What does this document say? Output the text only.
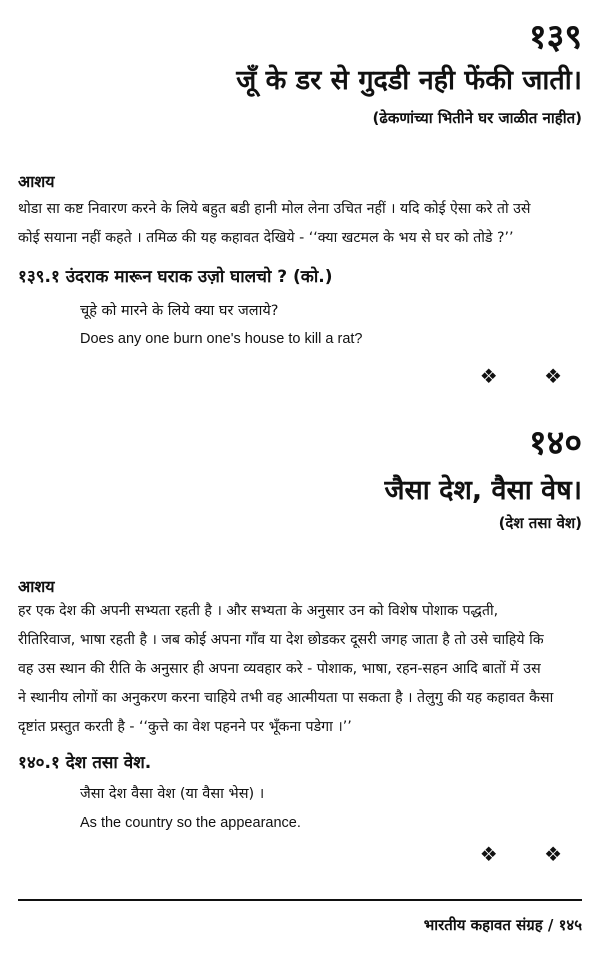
१३९
जूँ के डर से गुदडी नही फेंकी जाती।
(ढेकणांच्या भितीने घर जाळीत नाहीत)
आशय
थोडा सा कष्ट निवारण करने के लिये बहुत बडी हानी मोल लेना उचित नहीं । यदि कोई ऐसा करे तो उसे
कोई सयाना नहीं कहते । तमिळ की यह कहावत देखिये - ‘‘क्या खटमल के भय से घर को तोडे ?’’
१३९.१ उंदराक मारून घराक उज़ो घालचो ? (को.)
चूहे को मारने के लिये क्या घर जलाये?
Does any one burn one's house to kill a rat?
❖ ❖
१४०
जैसा देश, वैसा वेष।
(देश तसा वेश)
आशय
हर एक देश की अपनी सभ्यता रहती है । और सभ्यता के अनुसार उन को विशेष पोशाक पद्धती,
रीतिरिवाज, भाषा रहती है । जब कोई अपना गाँव या देश छोडकर दूसरी जगह जाता है तो उसे चाहिये कि
वह उस स्थान की रीति के अनुसार ही अपना व्यवहार करे - पोशाक, भाषा, रहन-सहन आदि बातों में उस
ने स्थानीय लोगों का अनुकरण करना चाहिये तभी वह आत्मीयता पा सकता है । तेलुगु की यह कहावत कैसा
दृष्टांत प्रस्तुत करती है - ‘‘कुत्ते का वेश पहनने पर भूँकना पडेगा ।’’
१४०.१ देश तसा वेश.
जैसा देश वैसा वेश (या वैसा भेस) ।
As the country so the appearance.
❖ ❖
भारतीय कहावत संग्रह / १४५
